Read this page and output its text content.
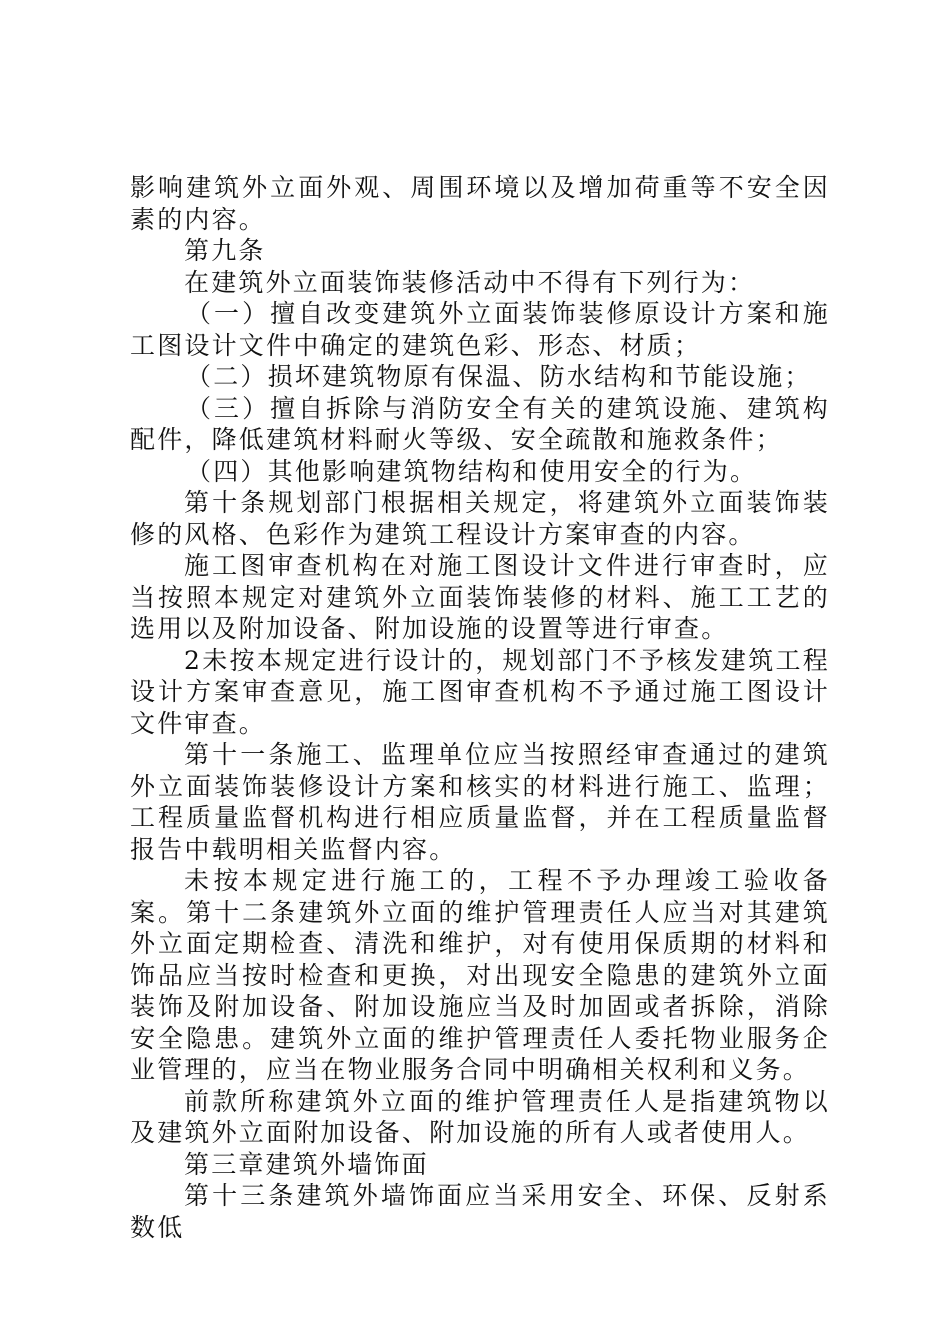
影响建筑外立面外观、周围环境以及增加荷重等不安全因素的内容。

第九条

在建筑外立面装饰装修活动中不得有下列行为：

（一）擅自改变建筑外立面装饰装修原设计方案和施工图设计文件中确定的建筑色彩、形态、材质；

（二）损坏建筑物原有保温、防水结构和节能设施；

（三）擅自拆除与消防安全有关的建筑设施、建筑构配件，降低建筑材料耐火等级、安全疏散和施救条件；

（四）其他影响建筑物结构和使用安全的行为。

第十条规划部门根据相关规定，将建筑外立面装饰装修的风格、色彩作为建筑工程设计方案审查的内容。

施工图审查机构在对施工图设计文件进行审查时，应当按照本规定对建筑外立面装饰装修的材料、施工工艺的选用以及附加设备、附加设施的设置等进行审查。

2未按本规定进行设计的，规划部门不予核发建筑工程设计方案审查意见，施工图审查机构不予通过施工图设计文件审查。

第十一条施工、监理单位应当按照经审查通过的建筑外立面装饰装修设计方案和核实的材料进行施工、监理；工程质量监督机构进行相应质量监督，并在工程质量监督报告中载明相关监督内容。

未按本规定进行施工的，工程不予办理竣工验收备案。第十二条建筑外立面的维护管理责任人应当对其建筑外立面定期检查、清洗和维护，对有使用保质期的材料和饰品应当按时检查和更换，对出现安全隐患的建筑外立面装饰及附加设备、附加设施应当及时加固或者拆除，消除安全隐患。建筑外立面的维护管理责任人委托物业服务企业管理的，应当在物业服务合同中明确相关权利和义务。

前款所称建筑外立面的维护管理责任人是指建筑物以及建筑外立面附加设备、附加设施的所有人或者使用人。

第三章建筑外墙饰面

第十三条建筑外墙饰面应当采用安全、环保、反射系数低
